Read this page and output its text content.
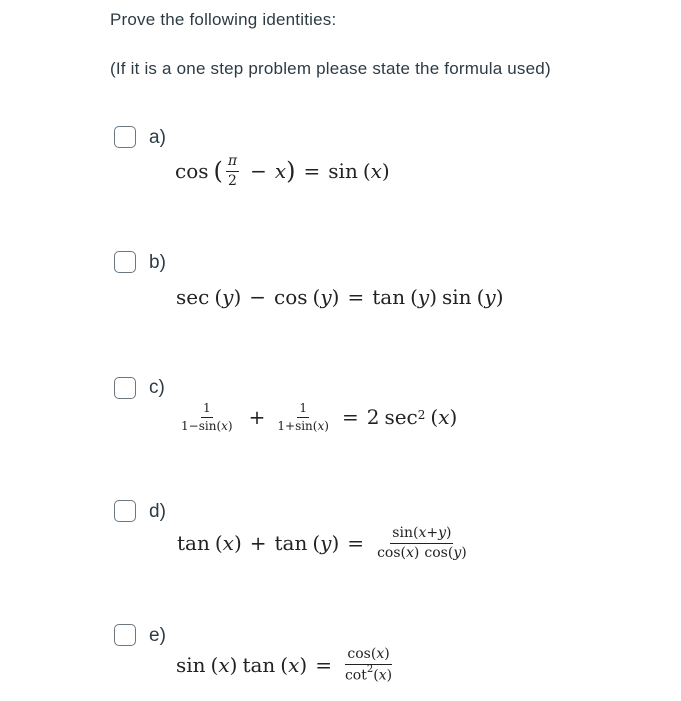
Prove the following identities:
(If it is a one step problem please state the formula used)
a)
cos ( $\frac{\pi}{2} - x$ ) = sin ( x )
b)
sec ( y ) − cos ( y ) = tan ( y ) sin ( y )
c)
$\frac{1}{1-\sin(x)} + \frac{1}{1+\sin(x)} = 2$ $\sec^2$ ( x )
d)
tan ( x ) + tan ( y ) = $\frac{\sin(x+y)}{\cos(x) \cos(y)}$
e)
sin ( x ) tan ( x ) = $\frac{\cos(x)}{\cot^2(x)}$
